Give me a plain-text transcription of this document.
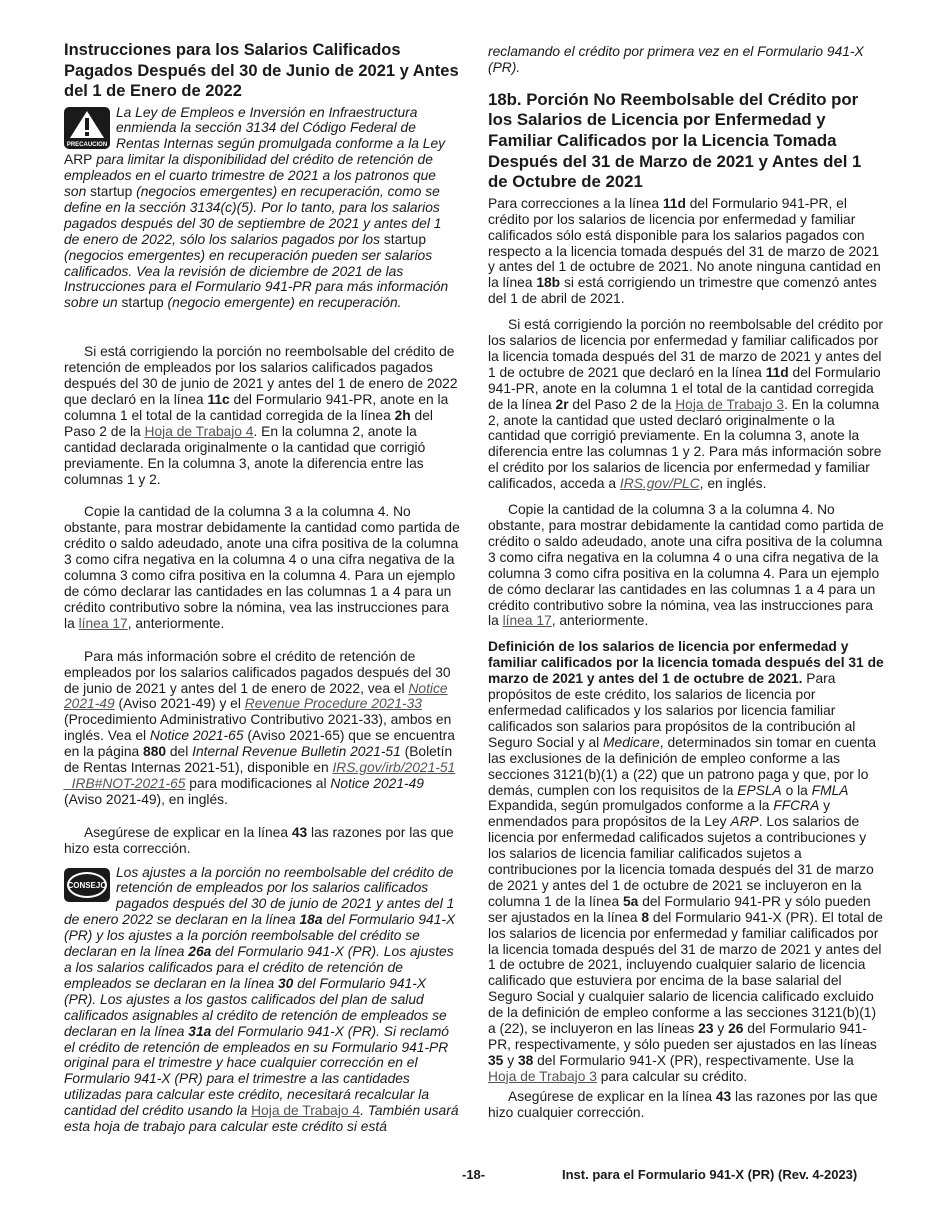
Instrucciones para los Salarios Calificados Pagados Después del 30 de Junio de 2021 y Antes del 1 de Enero de 2022
PRECAUCION

La Ley de Empleos e Inversión en Infraestructura enmienda la sección 3134 del Código Federal de Rentas Internas según promulgada conforme a la Ley ARP para limitar la disponibilidad del crédito de retención de empleados en el cuarto trimestre de 2021 a los patronos que son startup (negocios emergentes) en recuperación, como se define en la sección 3134(c)(5). Por lo tanto, para los salarios pagados después del 30 de septiembre de 2021 y antes del 1 de enero de 2022, sólo los salarios pagados por los startup (negocios emergentes) en recuperación pueden ser salarios calificados. Vea la revisión de diciembre de 2021 de las Instrucciones para el Formulario 941-PR para más información sobre un startup (negocio emergente) en recuperación.

Si está corrigiendo la porción no reembolsable del crédito de retención de empleados por los salarios calificados pagados después del 30 de junio de 2021 y antes del 1 de enero de 2022 que declaró en la línea 11c del Formulario 941-PR, anote en la columna 1 el total de la cantidad corregida de la línea 2h del Paso 2 de la Hoja de Trabajo 4. En la columna 2, anote la cantidad declarada originalmente o la cantidad que corrigió previamente. En la columna 3, anote la diferencia entre las columnas 1 y 2.

Copie la cantidad de la columna 3 a la columna 4. No obstante, para mostrar debidamente la cantidad como partida de crédito o saldo adeudado, anote una cifra positiva de la columna 3 como cifra negativa en la columna 4 o una cifra negativa de la columna 3 como cifra positiva en la columna 4. Para un ejemplo de cómo declarar las cantidades en las columnas 1 a 4 para un crédito contributivo sobre la nómina, vea las instrucciones para la línea 17, anteriormente.

Para más información sobre el crédito de retención de empleados por los salarios calificados pagados después del 30 de junio de 2021 y antes del 1 de enero de 2022, vea el Notice 2021-49 (Aviso 2021-49) y el Revenue Procedure 2021-33 (Procedimiento Administrativo Contributivo 2021-33), ambos en inglés. Vea el Notice 2021-65 (Aviso 2021-65) que se encuentra en la página 880 del Internal Revenue Bulletin 2021-51 (Boletín de Rentas Internas 2021-51), disponible en IRS.gov/irb/2021-51_IRB#NOT-2021-65 para modificaciones al Notice 2021-49 (Aviso 2021-49), en inglés.

Asegúrese de explicar en la línea 43 las razones por las que hizo esta corrección.

CONSEJO

Los ajustes a la porción no reembolsable del crédito de retención de empleados por los salarios calificados pagados después del 30 de junio de 2021 y antes del 1 de enero 2022 se declaran en la línea 18a del Formulario 941-X (PR) y los ajustes a la porción reembolsable del crédito se declaran en la línea 26a del Formulario 941-X (PR). Los ajustes a los salarios calificados para el crédito de retención de empleados se declaran en la línea 30 del Formulario 941-X (PR). Los ajustes a los gastos calificados del plan de salud calificados asignables al crédito de retención de empleados se declaran en la línea 31a del Formulario 941-X (PR). Si reclamó el crédito de retención de empleados en su Formulario 941-PR original para el trimestre y hace cualquier corrección en el Formulario 941-X (PR) para el trimestre a las cantidades utilizadas para calcular este crédito, necesitará recalcular la cantidad del crédito usando la Hoja de Trabajo 4. También usará esta hoja de trabajo para calcular este crédito si está

reclamando el crédito por primera vez en el Formulario 941-X (PR).

18b. Porción No Reembolsable del Crédito por los Salarios de Licencia por Enfermedad y Familiar Calificados por la Licencia Tomada Después del 31 de Marzo de 2021 y Antes del 1 de Octubre de 2021

Para correcciones a la línea 11d del Formulario 941-PR, el crédito por los salarios de licencia por enfermedad y familiar calificados sólo está disponible para los salarios pagados con respecto a la licencia tomada después del 31 de marzo de 2021 y antes del 1 de octubre de 2021. No anote ninguna cantidad en la línea 18b si está corrigiendo un trimestre que comenzó antes del 1 de abril de 2021.

Si está corrigiendo la porción no reembolsable del crédito por los salarios de licencia por enfermedad y familiar calificados por la licencia tomada después del 31 de marzo de 2021 y antes del 1 de octubre de 2021 que declaró en la línea 11d del Formulario 941-PR, anote en la columna 1 el total de la cantidad corregida de la línea 2r del Paso 2 de la Hoja de Trabajo 3. En la columna 2, anote la cantidad que usted declaró originalmente o la cantidad que corrigió previamente. En la columna 3, anote la diferencia entre las columnas 1 y 2. Para más información sobre el crédito por los salarios de licencia por enfermedad y familiar calificados, acceda a IRS.gov/PLC, en inglés.

Copie la cantidad de la columna 3 a la columna 4. No obstante, para mostrar debidamente la cantidad como partida de crédito o saldo adeudado, anote una cifra positiva de la columna 3 como cifra negativa en la columna 4 o una cifra negativa de la columna 3 como cifra positiva en la columna 4. Para un ejemplo de cómo declarar las cantidades en las columnas 1 a 4 para un crédito contributivo sobre la nómina, vea las instrucciones para la línea 17, anteriormente.

Definición de los salarios de licencia por enfermedad y familiar calificados por la licencia tomada después del 31 de marzo de 2021 y antes del 1 de octubre de 2021. Para propósitos de este crédito, los salarios de licencia por enfermedad calificados y los salarios por licencia familiar calificados son salarios para propósitos de la contribución al Seguro Social y al Medicare, determinados sin tomar en cuenta las exclusiones de la definición de empleo conforme a las secciones 3121(b)(1) a (22) que un patrono paga y que, por lo demás, cumplen con los requisitos de la EPSLA o la FMLA Expandida, según promulgados conforme a la FFCRA y enmendados para propósitos de la Ley ARP. Los salarios de licencia por enfermedad calificados sujetos a contribuciones y los salarios de licencia familiar calificados sujetos a contribuciones por la licencia tomada después del 31 de marzo de 2021 y antes del 1 de octubre de 2021 se incluyeron en la columna 1 de la línea 5a del Formulario 941-PR y sólo pueden ser ajustados en la línea 8 del Formulario 941-X (PR). El total de los salarios de licencia por enfermedad y familiar calificados por la licencia tomada después del 31 de marzo de 2021 y antes del 1 de octubre de 2021, incluyendo cualquier salario de licencia calificado que estuviera por encima de la base salarial del Seguro Social y cualquier salario de licencia calificado excluido de la definición de empleo conforme a las secciones 3121(b)(1) a (22), se incluyeron en las líneas 23 y 26 del Formulario 941-PR, respectivamente, y sólo pueden ser ajustados en las líneas 35 y 38 del Formulario 941-X (PR), respectivamente. Use la Hoja de Trabajo 3 para calcular su crédito.

Asegúrese de explicar en la línea 43 las razones por las que hizo cualquier corrección.

-18-	Inst. para el Formulario 941-X (PR) (Rev. 4-2023)
